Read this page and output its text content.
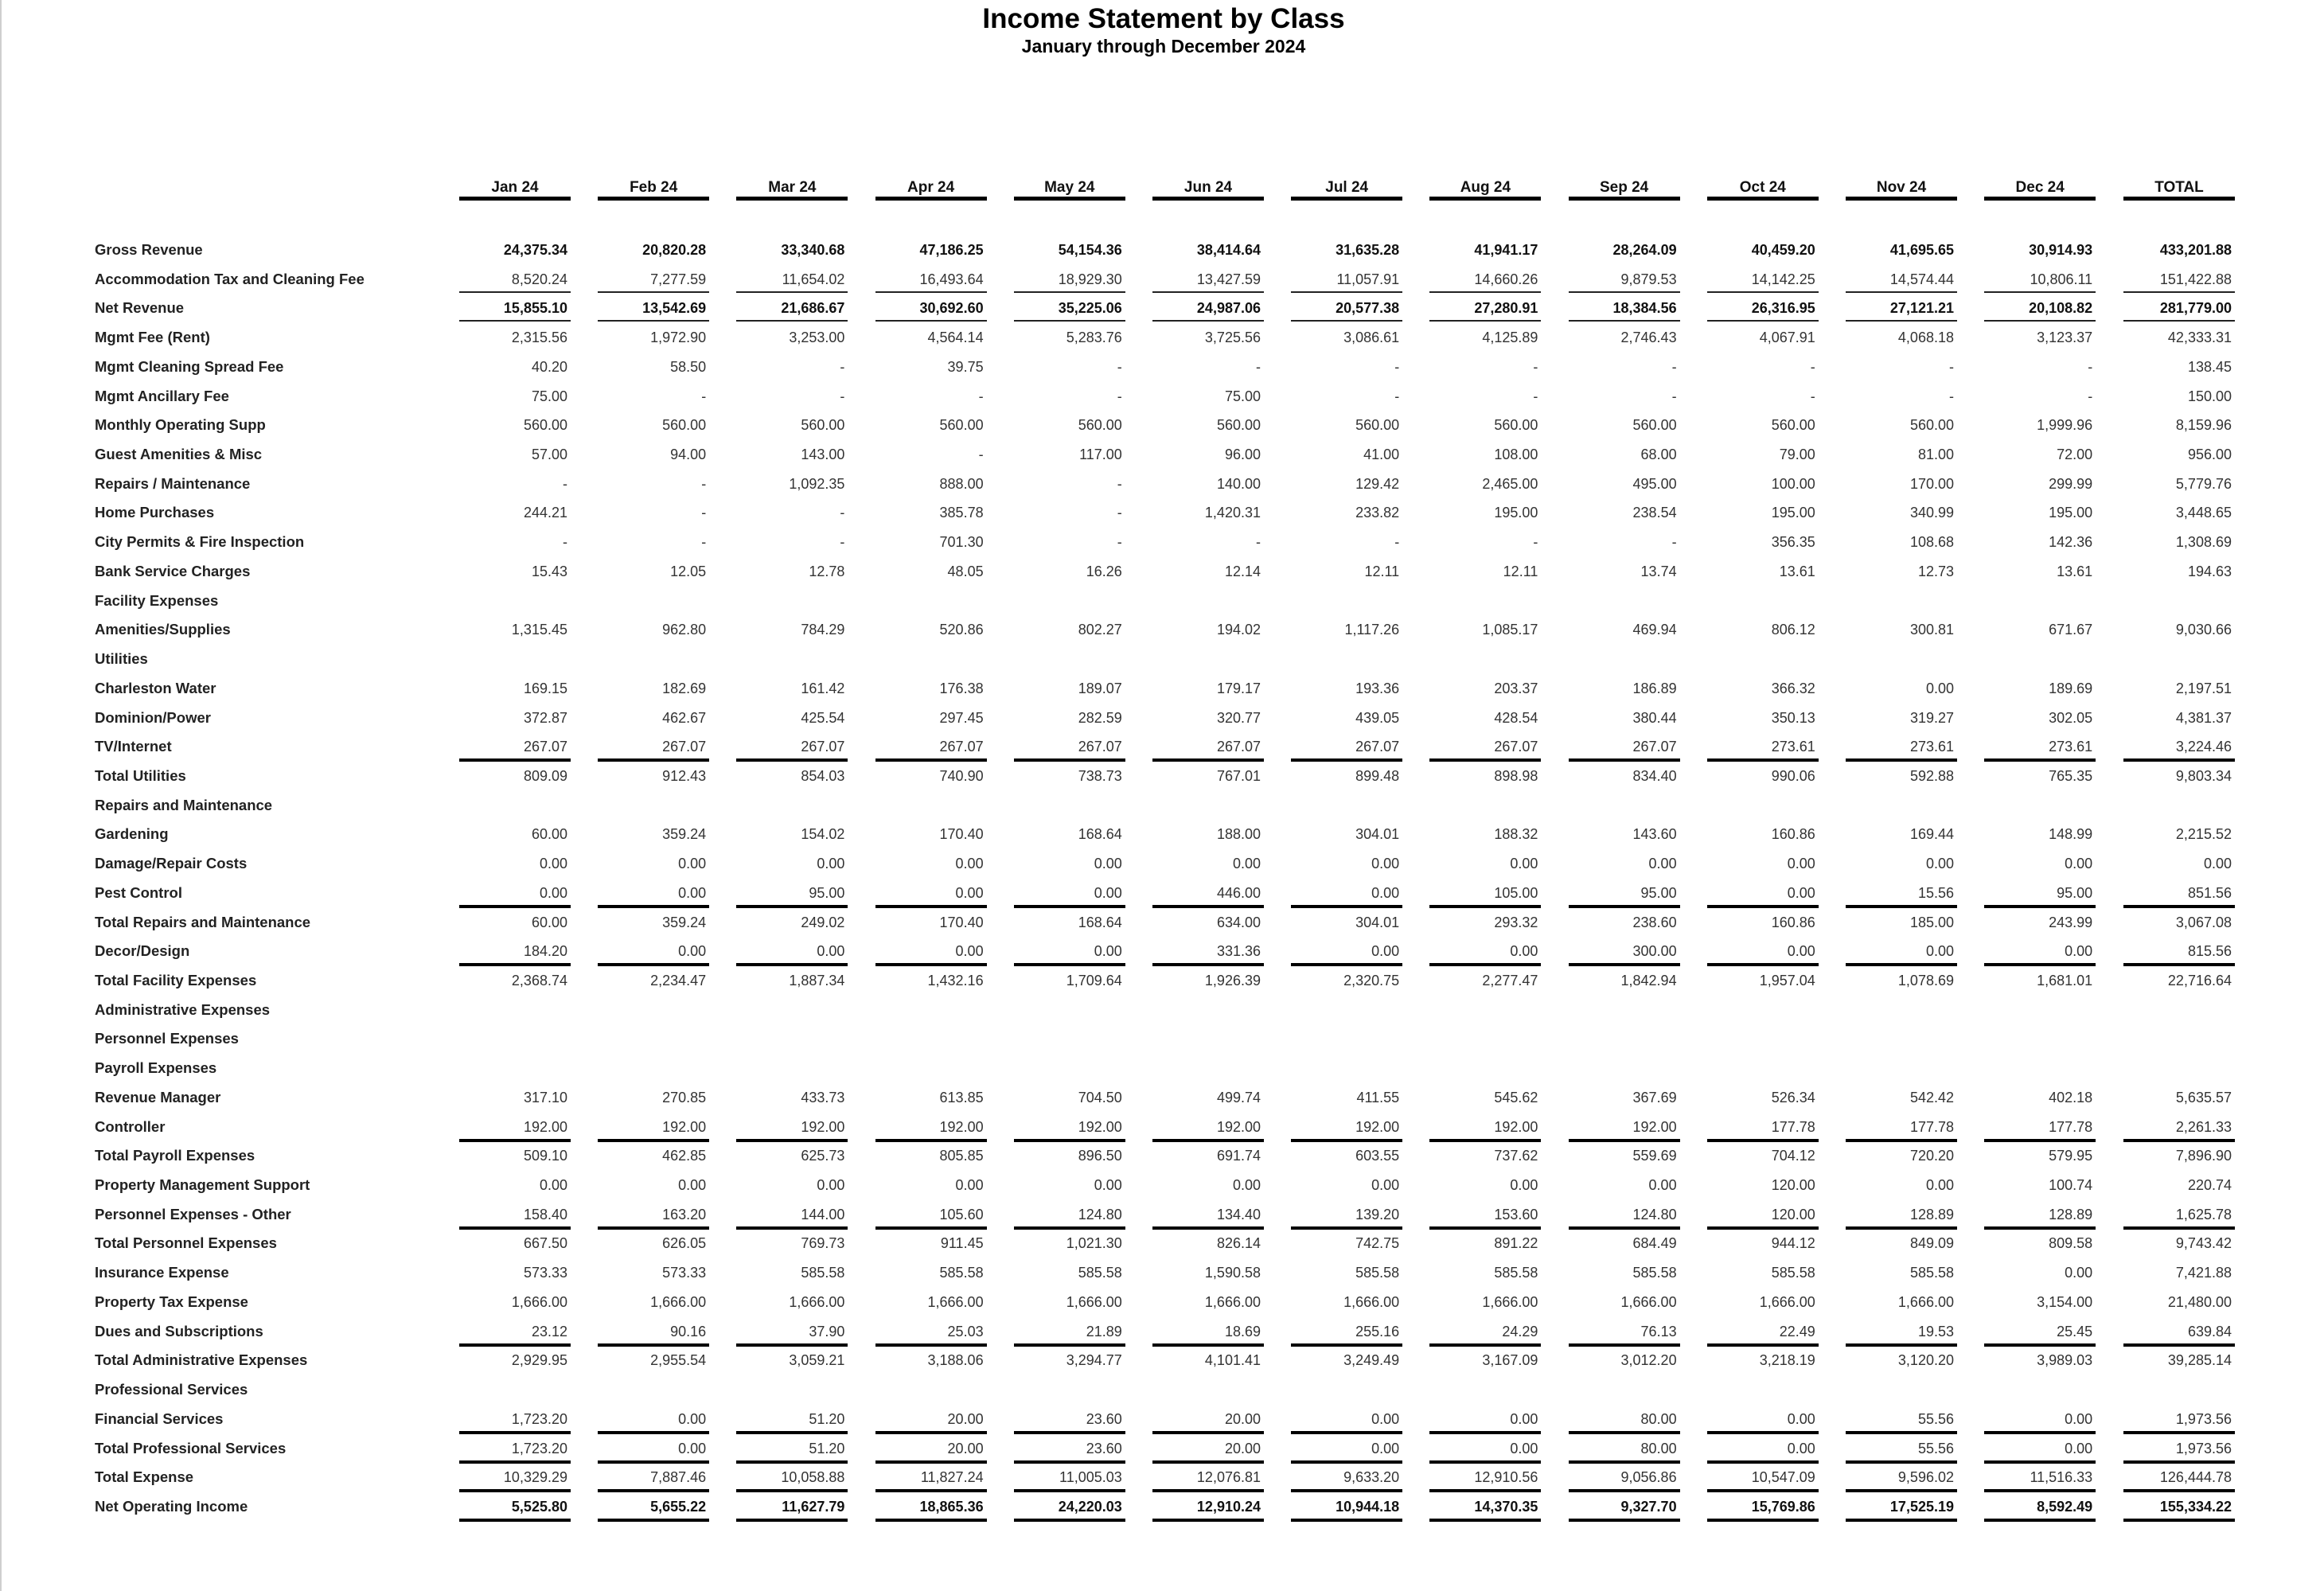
Income Statement by Class
January through December 2024
Jan 24	Feb 24	Mar 24	Apr 24	May 24	Jun 24	Jul 24	Aug 24	Sep 24	Oct 24	Nov 24	Dec 24	TOTAL
Gross Revenue	24,375.34	20,820.28	33,340.68	47,186.25	54,154.36	38,414.64	31,635.28	41,941.17	28,264.09	40,459.20	41,695.65	30,914.93	433,201.88
Accommodation Tax and Cleaning Fee	8,520.24	7,277.59	11,654.02	16,493.64	18,929.30	13,427.59	11,057.91	14,660.26	9,879.53	14,142.25	14,574.44	10,806.11	151,422.88
Net Revenue	15,855.10	13,542.69	21,686.67	30,692.60	35,225.06	24,987.06	20,577.38	27,280.91	18,384.56	26,316.95	27,121.21	20,108.82	281,779.00
Mgmt Fee (Rent)	2,315.56	1,972.90	3,253.00	4,564.14	5,283.76	3,725.56	3,086.61	4,125.89	2,746.43	4,067.91	4,068.18	3,123.37	42,333.31
Mgmt Cleaning Spread Fee	40.20	58.50	-	39.75	-	-	-	-	-	-	-	-	138.45
Mgmt Ancillary Fee	75.00	-	-	-	-	75.00	-	-	-	-	-	-	150.00
Monthly Operating Supp	560.00	560.00	560.00	560.00	560.00	560.00	560.00	560.00	560.00	560.00	560.00	1,999.96	8,159.96
Guest Amenities & Misc	57.00	94.00	143.00	-	117.00	96.00	41.00	108.00	68.00	79.00	81.00	72.00	956.00
Repairs / Maintenance	-	-	1,092.35	888.00	-	140.00	129.42	2,465.00	495.00	100.00	170.00	299.99	5,779.76
Home Purchases	244.21	-	-	385.78	-	1,420.31	233.82	195.00	238.54	195.00	340.99	195.00	3,448.65
City Permits & Fire Inspection	-	-	-	701.30	-	-	-	-	-	356.35	108.68	142.36	1,308.69
Bank Service Charges	15.43	12.05	12.78	48.05	16.26	12.14	12.11	12.11	13.74	13.61	12.73	13.61	194.63
Facility Expenses
Amenities/Supplies	1,315.45	962.80	784.29	520.86	802.27	194.02	1,117.26	1,085.17	469.94	806.12	300.81	671.67	9,030.66
Utilities
Charleston Water	169.15	182.69	161.42	176.38	189.07	179.17	193.36	203.37	186.89	366.32	0.00	189.69	2,197.51
Dominion/Power	372.87	462.67	425.54	297.45	282.59	320.77	439.05	428.54	380.44	350.13	319.27	302.05	4,381.37
TV/Internet	267.07	267.07	267.07	267.07	267.07	267.07	267.07	267.07	267.07	273.61	273.61	273.61	3,224.46
Total Utilities	809.09	912.43	854.03	740.90	738.73	767.01	899.48	898.98	834.40	990.06	592.88	765.35	9,803.34
Repairs and Maintenance
Gardening	60.00	359.24	154.02	170.40	168.64	188.00	304.01	188.32	143.60	160.86	169.44	148.99	2,215.52
Damage/Repair Costs	0.00	0.00	0.00	0.00	0.00	0.00	0.00	0.00	0.00	0.00	0.00	0.00	0.00
Pest Control	0.00	0.00	95.00	0.00	0.00	446.00	0.00	105.00	95.00	0.00	15.56	95.00	851.56
Total Repairs and Maintenance	60.00	359.24	249.02	170.40	168.64	634.00	304.01	293.32	238.60	160.86	185.00	243.99	3,067.08
Decor/Design	184.20	0.00	0.00	0.00	0.00	331.36	0.00	0.00	300.00	0.00	0.00	0.00	815.56
Total Facility Expenses	2,368.74	2,234.47	1,887.34	1,432.16	1,709.64	1,926.39	2,320.75	2,277.47	1,842.94	1,957.04	1,078.69	1,681.01	22,716.64
Administrative Expenses
Personnel Expenses
Payroll Expenses
Revenue Manager	317.10	270.85	433.73	613.85	704.50	499.74	411.55	545.62	367.69	526.34	542.42	402.18	5,635.57
Controller	192.00	192.00	192.00	192.00	192.00	192.00	192.00	192.00	192.00	177.78	177.78	177.78	2,261.33
Total Payroll Expenses	509.10	462.85	625.73	805.85	896.50	691.74	603.55	737.62	559.69	704.12	720.20	579.95	7,896.90
Property Management Support	0.00	0.00	0.00	0.00	0.00	0.00	0.00	0.00	0.00	120.00	0.00	100.74	220.74
Personnel Expenses - Other	158.40	163.20	144.00	105.60	124.80	134.40	139.20	153.60	124.80	120.00	128.89	128.89	1,625.78
Total Personnel Expenses	667.50	626.05	769.73	911.45	1,021.30	826.14	742.75	891.22	684.49	944.12	849.09	809.58	9,743.42
Insurance Expense	573.33	573.33	585.58	585.58	585.58	1,590.58	585.58	585.58	585.58	585.58	585.58	0.00	7,421.88
Property Tax Expense	1,666.00	1,666.00	1,666.00	1,666.00	1,666.00	1,666.00	1,666.00	1,666.00	1,666.00	1,666.00	1,666.00	3,154.00	21,480.00
Dues and Subscriptions	23.12	90.16	37.90	25.03	21.89	18.69	255.16	24.29	76.13	22.49	19.53	25.45	639.84
Total Administrative Expenses	2,929.95	2,955.54	3,059.21	3,188.06	3,294.77	4,101.41	3,249.49	3,167.09	3,012.20	3,218.19	3,120.20	3,989.03	39,285.14
Professional Services
Financial Services	1,723.20	0.00	51.20	20.00	23.60	20.00	0.00	0.00	80.00	0.00	55.56	0.00	1,973.56
Total Professional Services	1,723.20	0.00	51.20	20.00	23.60	20.00	0.00	0.00	80.00	0.00	55.56	0.00	1,973.56
Total Expense	10,329.29	7,887.46	10,058.88	11,827.24	11,005.03	12,076.81	9,633.20	12,910.56	9,056.86	10,547.09	9,596.02	11,516.33	126,444.78
Net Operating Income	5,525.80	5,655.22	11,627.79	18,865.36	24,220.03	12,910.24	10,944.18	14,370.35	9,327.70	15,769.86	17,525.19	8,592.49	155,334.22
